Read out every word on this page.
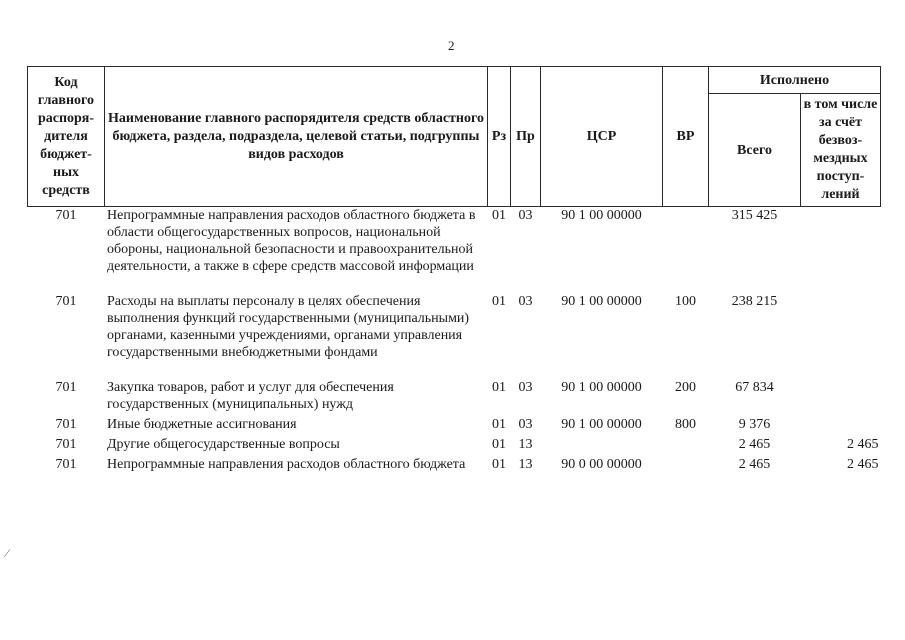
2
Код главного распоря-дителя бюджет-ных средств	Наименование главного распорядителя средств областного бюджета, раздела, подраздела, целевой статьи, подгруппы видов расходов	Рз	Пр	ЦСР	ВР	Исполнено	
						Всего	в том числе за счёт безвоз-мездных поступ-лений
701	Непрограммные направления расходов областного бюджета в области общегосударственных вопросов, национальной обороны, национальной безопасности и правоохранительной деятельности, а также в сфере средств массовой информации	01	03	90 1 00 00000		315 425	
701	Расходы на выплаты персоналу в целях обеспечения выполнения функций государственными (муниципальными) органами, казенными учреждениями, органами управления государственными внебюджетными фондами	01	03	90 1 00 00000	100	238 215	
701	Закупка товаров, работ и услуг для обеспечения государственных (муниципальных) нужд	01	03	90 1 00 00000	200	67 834	
701	Иные бюджетные ассигнования	01	03	90 1 00 00000	800	9 376	
701	Другие общегосударственные вопросы	01	13			2 465	2 465
701	Непрограммные направления расходов областного бюджета	01	13	90 0 00 00000		2 465	2 465
⁄
